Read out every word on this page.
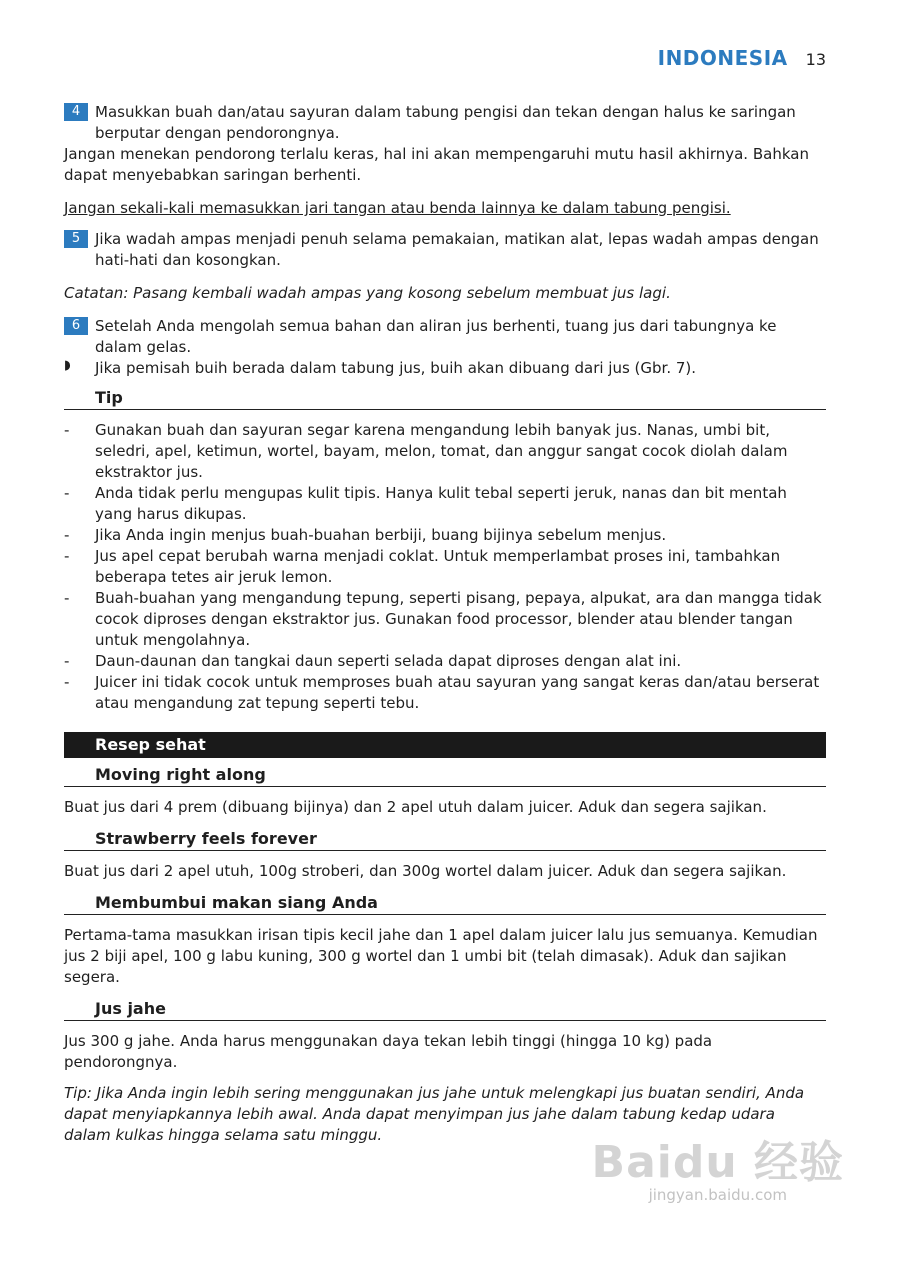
INDONESIA 13
4 Masukkan buah dan/atau sayuran dalam tabung pengisi dan tekan dengan halus ke saringan berputar dengan pendorongnya.

Jangan menekan pendorong terlalu keras, hal ini akan mempengaruhi mutu hasil akhirnya. Bahkan dapat menyebabkan saringan berhenti.

Jangan sekali-kali memasukkan jari tangan atau benda lainnya ke dalam tabung pengisi.

5 Jika wadah ampas menjadi penuh selama pemakaian, matikan alat, lepas wadah ampas dengan hati-hati dan kosongkan.

Catatan: Pasang kembali wadah ampas yang kosong sebelum membuat jus lagi.

6 Setelah Anda mengolah semua bahan dan aliran jus berhenti, tuang jus dari tabungnya ke dalam gelas.

◗ Jika pemisah buih berada dalam tabung jus, buih akan dibuang dari jus (Gbr. 7).

Tip
- Gunakan buah dan sayuran segar karena mengandung lebih banyak jus. Nanas, umbi bit, seledri, apel, ketimun, wortel, bayam, melon, tomat, dan anggur sangat cocok diolah dalam ekstraktor jus.
- Anda tidak perlu mengupas kulit tipis. Hanya kulit tebal seperti jeruk, nanas dan bit mentah yang harus dikupas.
- Jika Anda ingin menjus buah-buahan berbiji, buang bijinya sebelum menjus.
- Jus apel cepat berubah warna menjadi coklat. Untuk memperlambat proses ini, tambahkan beberapa tetes air jeruk lemon.
- Buah-buahan yang mengandung tepung, seperti pisang, pepaya, alpukat, ara dan mangga tidak cocok diproses dengan ekstraktor jus. Gunakan food processor, blender atau blender tangan untuk mengolahnya.
- Daun-daunan dan tangkai daun seperti selada dapat diproses dengan alat ini.
- Juicer ini tidak cocok untuk memproses buah atau sayuran yang sangat keras dan/atau berserat atau mengandung zat tepung seperti tebu.
Resep sehat
Moving right along

Buat jus dari 4 prem (dibuang bijinya) dan 2 apel utuh dalam juicer. Aduk dan segera sajikan.

Strawberry feels forever

Buat jus dari 2 apel utuh, 100g stroberi, dan 300g wortel dalam juicer. Aduk dan segera sajikan.

Membumbui makan siang Anda

Pertama-tama masukkan irisan tipis kecil jahe dan 1 apel dalam juicer lalu jus semuanya. Kemudian jus 2 biji apel, 100 g labu kuning, 300 g wortel dan 1 umbi bit (telah dimasak). Aduk dan sajikan segera.

Jus jahe

Jus 300 g jahe. Anda harus menggunakan daya tekan lebih tinggi (hingga 10 kg) pada pendorongnya.

Tip: Jika Anda ingin lebih sering menggunakan jus jahe untuk melengkapi jus buatan sendiri, Anda dapat menyiapkannya lebih awal. Anda dapat menyimpan jus jahe dalam tabung kedap udara dalam kulkas hingga selama satu minggu.

Baidu 经验
jingyan.baidu.com
